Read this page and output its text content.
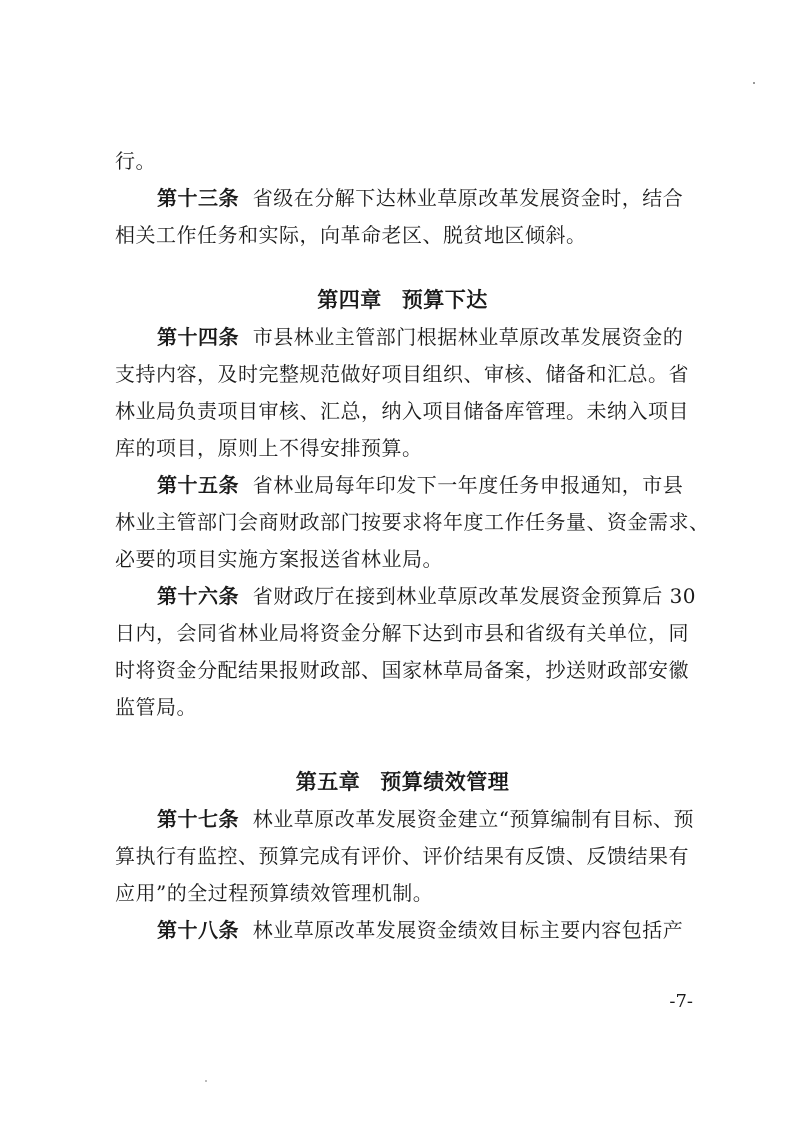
行。
第十三条 省级在分解下达林业草原改革发展资金时，结合
相关工作任务和实际，向革命老区、脱贫地区倾斜。
第四章 预算下达
第十四条 市县林业主管部门根据林业草原改革发展资金的
支持内容，及时完整规范做好项目组织、审核、储备和汇总。省
林业局负责项目审核、汇总，纳入项目储备库管理。未纳入项目
库的项目，原则上不得安排预算。
第十五条 省林业局每年印发下一年度任务申报通知，市县
林业主管部门会商财政部门按要求将年度工作任务量、资金需求、
必要的项目实施方案报送省林业局。
第十六条 省财政厅在接到林业草原改革发展资金预算后 30
日内，会同省林业局将资金分解下达到市县和省级有关单位，同
时将资金分配结果报财政部、国家林草局备案，抄送财政部安徽
监管局。
第五章 预算绩效管理
第十七条 林业草原改革发展资金建立“预算编制有目标、预
算执行有监控、预算完成有评价、评价结果有反馈、反馈结果有
应用”的全过程预算绩效管理机制。
第十八条 林业草原改革发展资金绩效目标主要内容包括产
-7-
